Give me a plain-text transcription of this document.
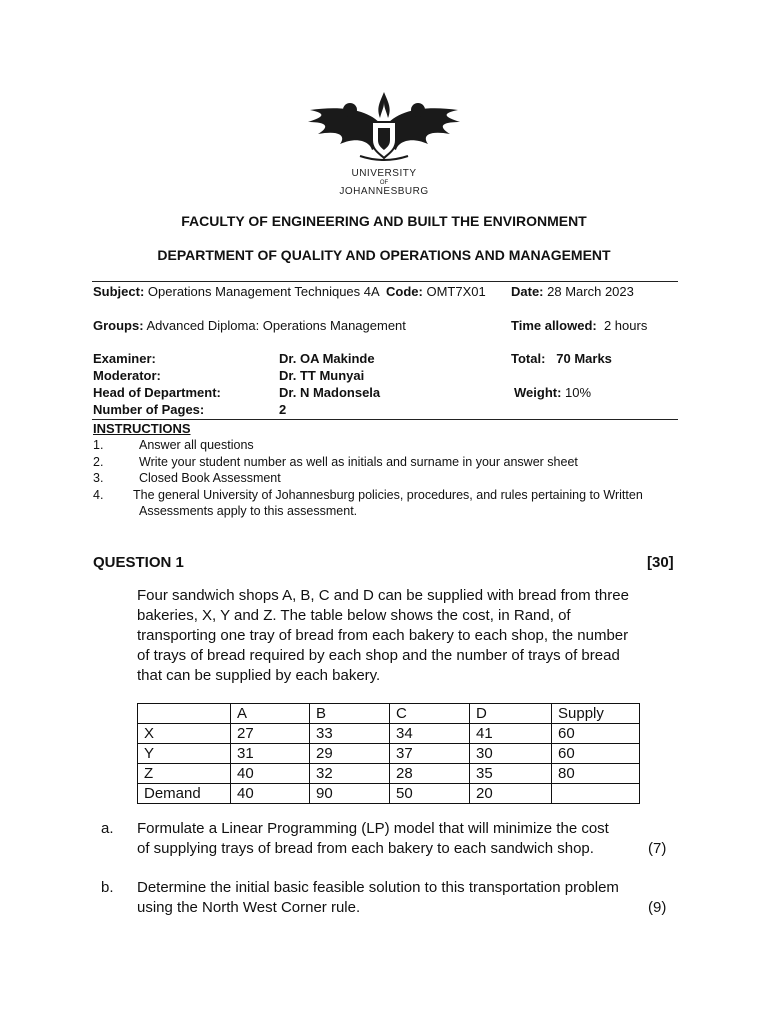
UNIVERSITY
OF
JOHANNESBURG
FACULTY OF ENGINEERING AND BUILT THE ENVIRONMENT
DEPARTMENT OF QUALITY AND OPERATIONS AND MANAGEMENT
Subject: Operations Management Techniques 4A Code: OMT7X01 Date: 28 March 2023
Groups: Advanced Diploma: Operations Management	Time allowed: 2 hours
Examiner:	Dr. OA Makinde	Total: 70 Marks
Moderator:	Dr. TT Munyai
Head of Department:	Dr. N Madonsela	Weight: 10%
Number of Pages:	2
INSTRUCTIONS
1.	Answer all questions
2.	Write your student number as well as initials and surname in your answer sheet
3.	Closed Book Assessment
4. The general University of Johannesburg policies, procedures, and rules pertaining to Written
Assessments apply to this assessment.
QUESTION 1	[30]
Four sandwich shops A, B, C and D can be supplied with bread from three
bakeries, X, Y and Z. The table below shows the cost, in Rand, of
transporting one tray of bread from each bakery to each shop, the number
of trays of bread required by each shop and the number of trays of bread
that can be supplied by each bakery.
	A	B	C	D	Supply
X	27	33	34	41	60
Y	31	29	37	30	60
Z	40	32	28	35	80
Demand	40	90	50	20	
a. Formulate a Linear Programming (LP) model that will minimize the cost
of supplying trays of bread from each bakery to each sandwich shop.	(7)
b. Determine the initial basic feasible solution to this transportation problem
using the North West Corner rule.	(9)
